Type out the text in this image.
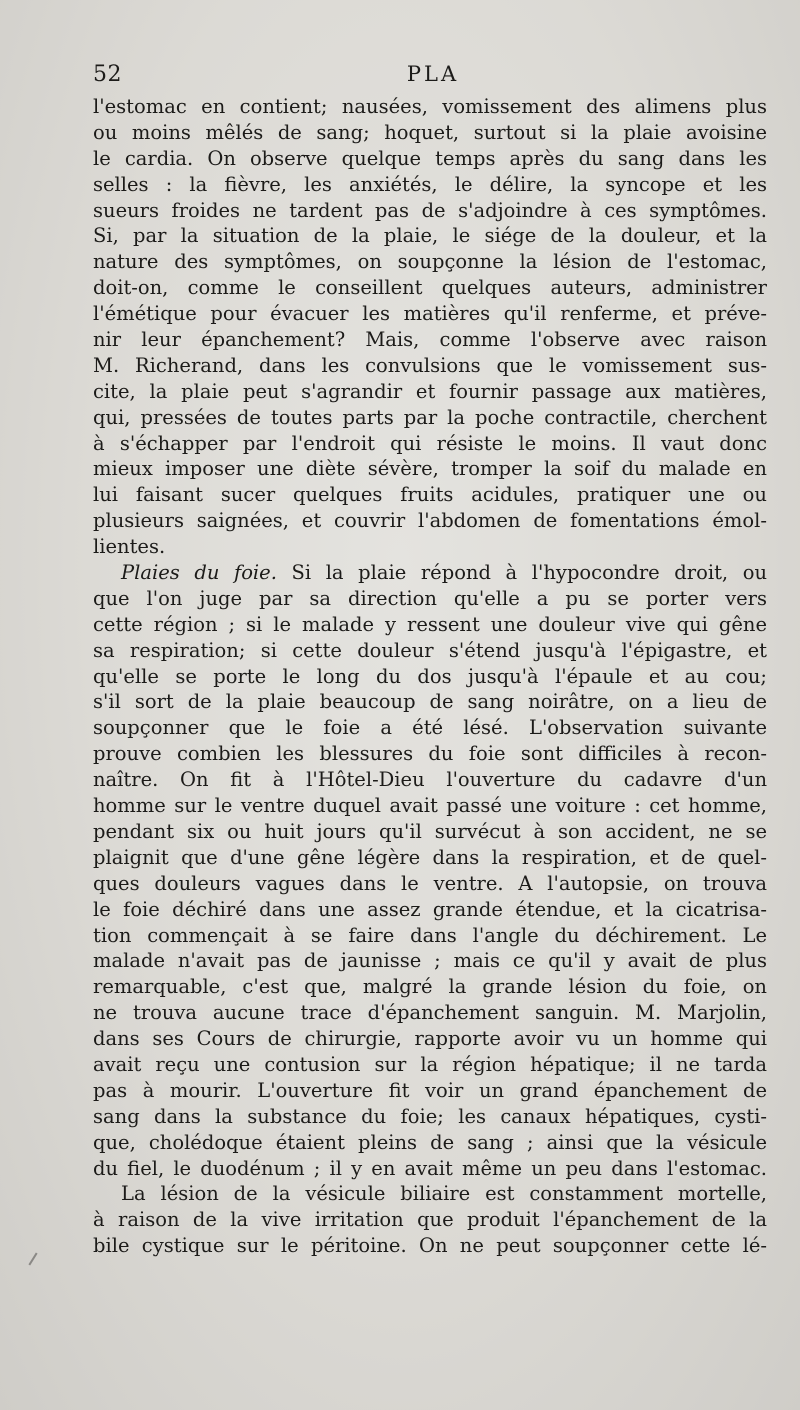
52	PLA
l'estomac en contient; nausées, vomissement des alimens plus
ou moins mêlés de sang; hoquet, surtout si la plaie avoisine
le cardia. On observe quelque temps après du sang dans les
selles : la fièvre, les anxiétés, le délire, la syncope et les
sueurs froides ne tardent pas de s'adjoindre à ces symptômes.
Si, par la situation de la plaie, le siége de la douleur, et la
nature des symptômes, on soupçonne la lésion de l'estomac,
doit-on, comme le conseillent quelques auteurs, administrer
l'émétique pour évacuer les matières qu'il renferme, et préve-
nir leur épanchement? Mais, comme l'observe avec raison
M. Richerand, dans les convulsions que le vomissement sus-
cite, la plaie peut s'agrandir et fournir passage aux matières,
qui, pressées de toutes parts par la poche contractile, cherchent
à s'échapper par l'endroit qui résiste le moins. Il vaut donc
mieux imposer une diète sévère, tromper la soif du malade en
lui faisant sucer quelques fruits acidules, pratiquer une ou
plusieurs saignées, et couvrir l'abdomen de fomentations émol-
lientes.
Plaies du foie. Si la plaie répond à l'hypocondre droit, ou
que l'on juge par sa direction qu'elle a pu se porter vers
cette région ; si le malade y ressent une douleur vive qui gêne
sa respiration; si cette douleur s'étend jusqu'à l'épigastre, et
qu'elle se porte le long du dos jusqu'à l'épaule et au cou;
s'il sort de la plaie beaucoup de sang noirâtre, on a lieu de
soupçonner que le foie a été lésé. L'observation suivante
prouve combien les blessures du foie sont difficiles à recon-
naître. On fit à l'Hôtel-Dieu l'ouverture du cadavre d'un
homme sur le ventre duquel avait passé une voiture : cet homme,
pendant six ou huit jours qu'il survécut à son accident, ne se
plaignit que d'une gêne légère dans la respiration, et de quel-
ques douleurs vagues dans le ventre. A l'autopsie, on trouva
le foie déchiré dans une assez grande étendue, et la cicatrisa-
tion commençait à se faire dans l'angle du déchirement. Le
malade n'avait pas de jaunisse ; mais ce qu'il y avait de plus
remarquable, c'est que, malgré la grande lésion du foie, on
ne trouva aucune trace d'épanchement sanguin. M. Marjolin,
dans ses Cours de chirurgie, rapporte avoir vu un homme qui
avait reçu une contusion sur la région hépatique; il ne tarda
pas à mourir. L'ouverture fit voir un grand épanchement de
sang dans la substance du foie; les canaux hépatiques, cysti-
que, cholédoque étaient pleins de sang ; ainsi que la vésicule
du fiel, le duodénum ; il y en avait même un peu dans l'estomac.
La lésion de la vésicule biliaire est constamment mortelle,
à raison de la vive irritation que produit l'épanchement de la
bile cystique sur le péritoine. On ne peut soupçonner cette lé-
